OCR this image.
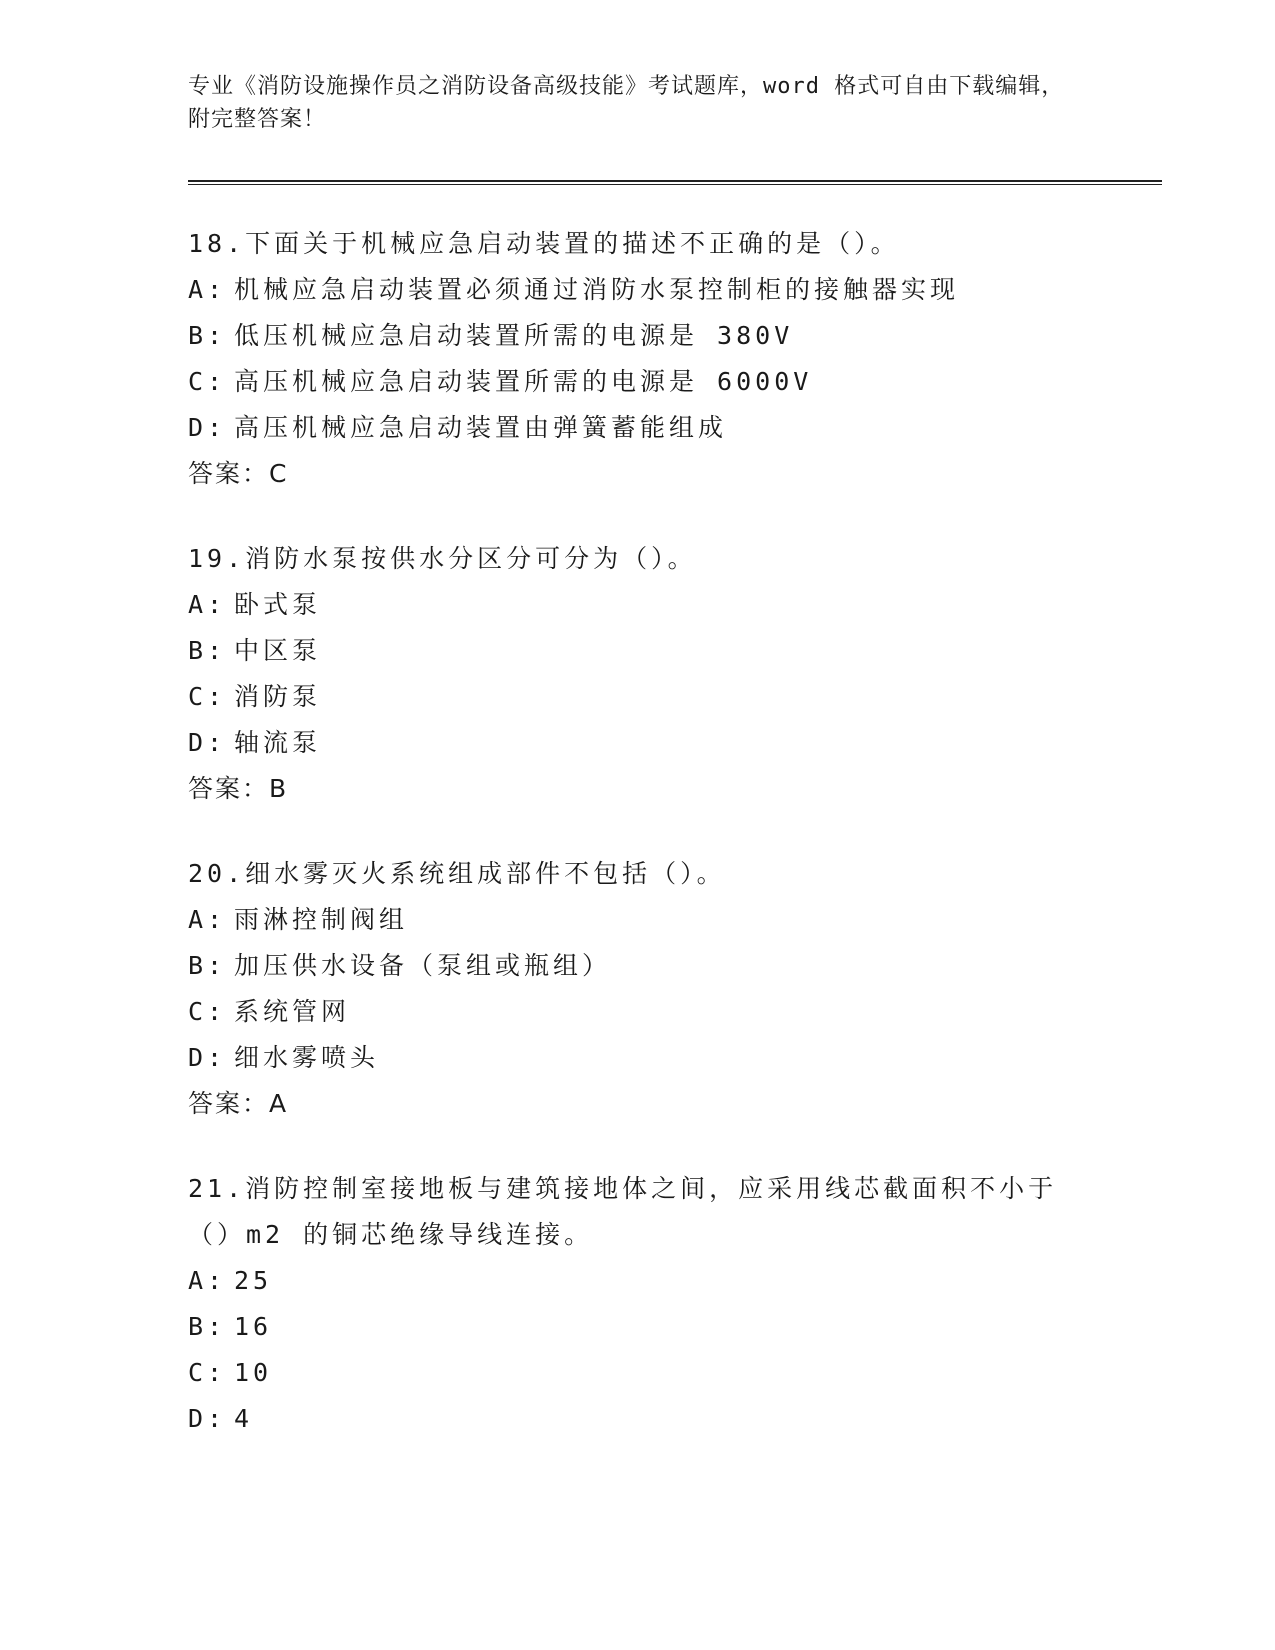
专业《消防设施操作员之消防设备高级技能》考试题库，word 格式可自由下载编辑，附完整答案！

18.下面关于机械应急启动装置的描述不正确的是（）。

A: 机械应急启动装置必须通过消防水泵控制柜的接触器实现

B: 低压机械应急启动装置所需的电源是 380V

C: 高压机械应急启动装置所需的电源是 6000V

D: 高压机械应急启动装置由弹簧蓄能组成

答案：C

19.消防水泵按供水分区分可分为（）。

A: 卧式泵

B: 中区泵

C: 消防泵

D: 轴流泵

答案：B

20.细水雾灭火系统组成部件不包括（）。

A: 雨淋控制阀组

B: 加压供水设备（泵组或瓶组）

C: 系统管网

D: 细水雾喷头

答案：A

21.消防控制室接地板与建筑接地体之间，应采用线芯截面积不小于（）m2 的铜芯绝缘导线连接。

A: 25

B: 16

C: 10

D: 4
